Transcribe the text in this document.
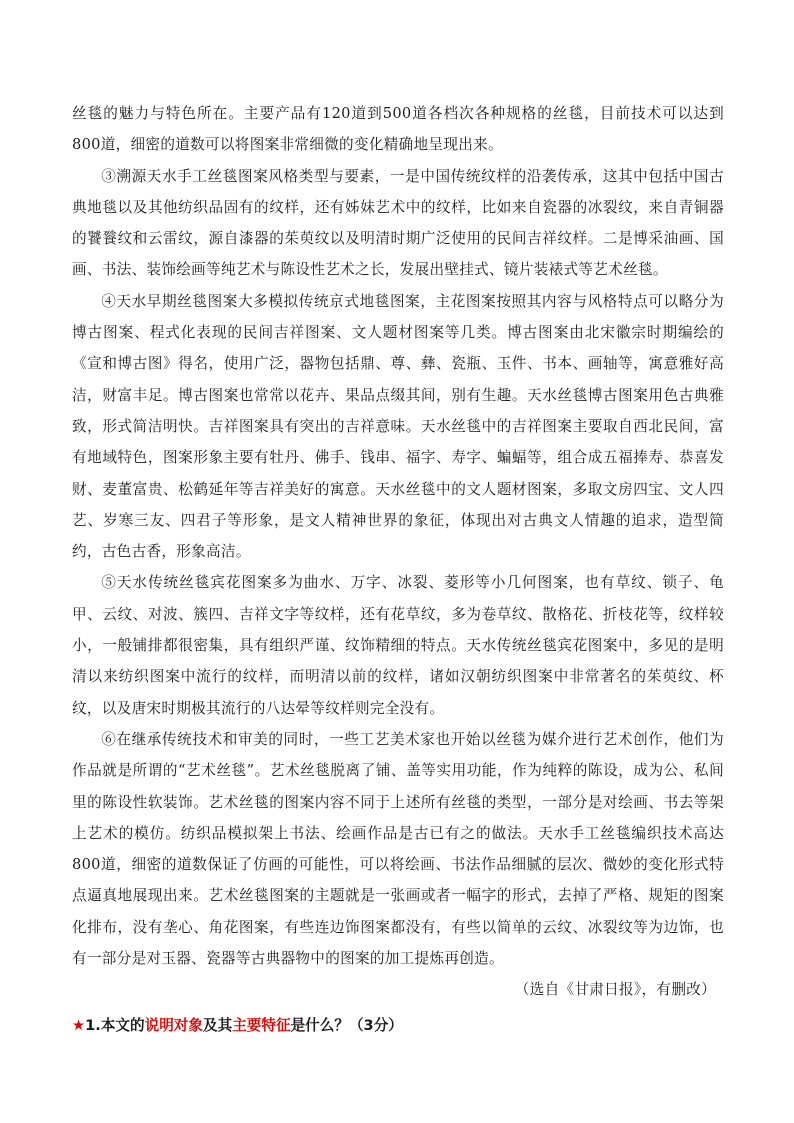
丝毯的魅力与特色所在。主要产品有120道到500道各档次各种规格的丝毯，目前技术可以达到800道，细密的道数可以将图案非常细微的变化精确地呈现出来。

③溯源天水手工丝毯图案风格类型与要素，一是中国传统纹样的沿袭传承，这其中包括中国古典地毯以及其他纺织品固有的纹样，还有姊妹艺术中的纹样，比如来自瓷器的冰裂纹，来自青铜器的饕餮纹和云雷纹，源自漆器的茱萸纹以及明清时期广泛使用的民间吉祥纹样。二是博采油画、国画、书法、装饰绘画等纯艺术与陈设性艺术之长，发展出壁挂式、镜片装裱式等艺术丝毯。

④天水早期丝毯图案大多模拟传统京式地毯图案，主花图案按照其内容与风格特点可以略分为博古图案、程式化表现的民间吉祥图案、文人题材图案等几类。博古图案由北宋徽宗时期编绘的《宣和博古图》得名，使用广泛，器物包括鼎、尊、彝、瓷瓶、玉件、书本、画轴等，寓意雅好高洁，财富丰足。博古图案也常常以花卉、果品点缀其间，别有生趣。天水丝毯博古图案用色古典雅致，形式简洁明快。吉祥图案具有突出的吉祥意味。天水丝毯中的吉祥图案主要取自西北民间，富有地域特色，图案形象主要有牡丹、佛手、钱串、福字、寿字、蝙蝠等，组合成五福捧寿、恭喜发财、麦董富贵、松鹤延年等吉祥美好的寓意。天水丝毯中的文人题材图案，多取文房四宝、文人四艺、岁寒三友、四君子等形象，是文人精神世界的象征，体现出对古典文人情趣的追求，造型简约，古色古香，形象高洁。

⑤天水传统丝毯宾花图案多为曲水、万字、冰裂、菱形等小几何图案，也有草纹、锁子、龟甲、云纹、对波、簇四、吉祥文字等纹样，还有花草纹，多为卷草纹、散格花、折枝花等，纹样较小，一般铺排都很密集，具有组织严谨、纹饰精细的特点。天水传统丝毯宾花图案中，多见的是明清以来纺织图案中流行的纹样，而明清以前的纹样，诸如汉朝纺织图案中非常著名的茱萸纹、杯纹，以及唐宋时期极其流行的八达晕等纹样则完全没有。

⑥在继承传统技术和审美的同时，一些工艺美术家也开始以丝毯为媒介进行艺术创作，他们为作品就是所谓的“艺术丝毯”。艺术丝毯脱离了铺、盖等实用功能，作为纯粹的陈设，成为公、私间里的陈设性软装饰。艺术丝毯的图案内容不同于上述所有丝毯的类型，一部分是对绘画、书去等架上艺术的模仿。纺织品模拟架上书法、绘画作品是古已有之的做法。天水手工丝毯编织技术高达800道，细密的道数保证了仿画的可能性，可以将绘画、书法作品细腻的层次、微妙的变化形式特点逼真地展现出来。艺术丝毯图案的主题就是一张画或者一幅字的形式，去掉了严格、规矩的图案化排布，没有垄心、角花图案，有些连边饰图案都没有，有些以简单的云纹、冰裂纹等为边饰，也有一部分是对玉器、瓷器等古典器物中的图案的加工提炼再创造。

（选自《甘肃日报》，有删改）

★1.本文的说明对象及其主要特征是什么？（3分）
